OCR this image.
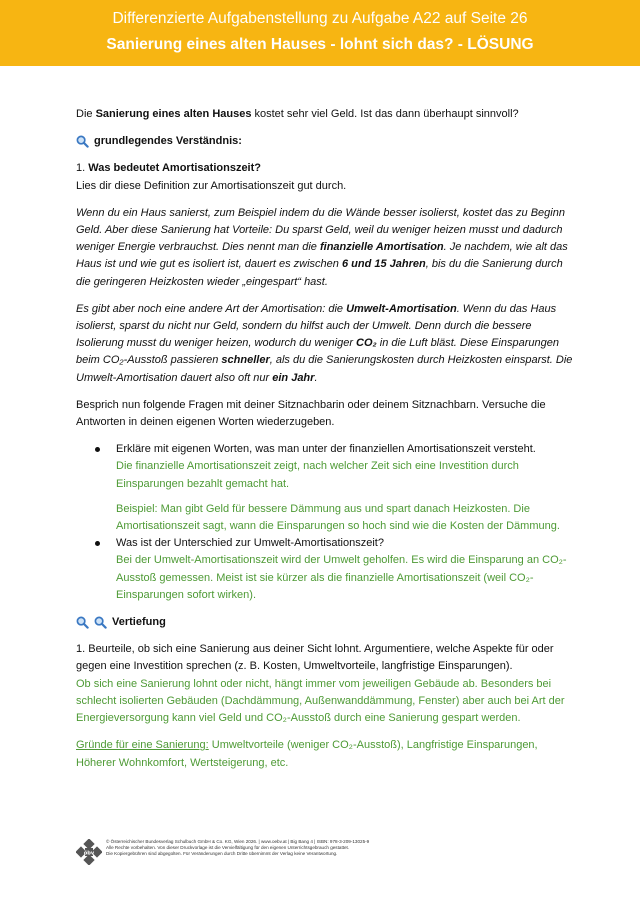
Differenzierte Aufgabenstellung zu Aufgabe A22 auf Seite 26
Sanierung eines alten Hauses - lohnt sich das? - LÖSUNG

Die Sanierung eines alten Hauses kostet sehr viel Geld. Ist das dann überhaupt sinnvoll?

grundlegendes Verständnis:

1. Was bedeutet Amortisationszeit?

Lies dir diese Definition zur Amortisationszeit gut durch.

Wenn du ein Haus sanierst, zum Beispiel indem du die Wände besser isolierst, kostet das zu Beginn Geld. Aber diese Sanierung hat Vorteile: Du sparst Geld, weil du weniger heizen musst und dadurch weniger Energie verbrauchst. Dies nennt man die finanzielle Amortisation. Je nachdem, wie alt das Haus ist und wie gut es isoliert ist, dauert es zwischen 6 und 15 Jahren, bis du die Sanierung durch die geringeren Heizkosten wieder „eingespart“ hast.

Es gibt aber noch eine andere Art der Amortisation: die Umwelt-Amortisation. Wenn du das Haus isolierst, sparst du nicht nur Geld, sondern du hilfst auch der Umwelt. Denn durch die bessere Isolierung musst du weniger heizen, wodurch du weniger CO₂ in die Luft bläst. Diese Einsparungen beim CO₂-Ausstoß passieren schneller, als du die Sanierungskosten durch Heizkosten einsparst. Die Umwelt-Amortisation dauert also oft nur ein Jahr.

Besprich nun folgende Fragen mit deiner Sitznachbarin oder deinem Sitznachbarn. Versuche die Antworten in deinen eigenen Worten wiederzugeben.

Erkläre mit eigenen Worten, was man unter der finanziellen Amortisationszeit versteht.

Die finanzielle Amortisationszeit zeigt, nach welcher Zeit sich eine Investition durch Einsparungen bezahlt gemacht hat.

Beispiel: Man gibt Geld für bessere Dämmung aus und spart danach Heizkosten. Die Amortisationszeit sagt, wann die Einsparungen so hoch sind wie die Kosten der Dämmung.

Was ist der Unterschied zur Umwelt-Amortisationszeit?

Bei der Umwelt-Amortisationszeit wird der Umwelt geholfen. Es wird die Einsparung an CO₂-Ausstoß gemessen. Meist ist sie kürzer als die finanzielle Amortisationszeit (weil CO₂-Einsparungen sofort wirken).

Vertiefung

1. Beurteile, ob sich eine Sanierung aus deiner Sicht lohnt. Argumentiere, welche Aspekte für oder gegen eine Investition sprechen (z. B. Kosten, Umweltvorteile, langfristige Einsparungen).

Ob sich eine Sanierung lohnt oder nicht, hängt immer vom jeweiligen Gebäude ab. Besonders bei schlecht isolierten Gebäuden (Dachdämmung, Außenwanddämmung, Fenster) aber auch bei Art der Energieversorgung kann viel Geld und CO₂-Ausstoß durch eine Sanierung gespart werden.

Gründe für eine Sanierung: Umweltvorteile (weniger CO₂-Ausstoß), Langfristige Einsparungen, Höherer Wohnkomfort, Wertsteigerung, etc.

öbv
© Österreichischer Bundesverlag Schulbuch GmbH & Co. KG, Wien 2026. | www.oebv.at | Big Bang 4 | ISBN: 978-3-209-13025-9
Alle Rechte vorbehalten. Von dieser Druckvorlage ist die Vervielfältigung für den eigenen Unterrichtsgebrauch gestattet.
Die Kopiergebühren sind abgegolten. Für Veränderungen durch Dritte übernimmt der Verlag keine Verantwortung.
